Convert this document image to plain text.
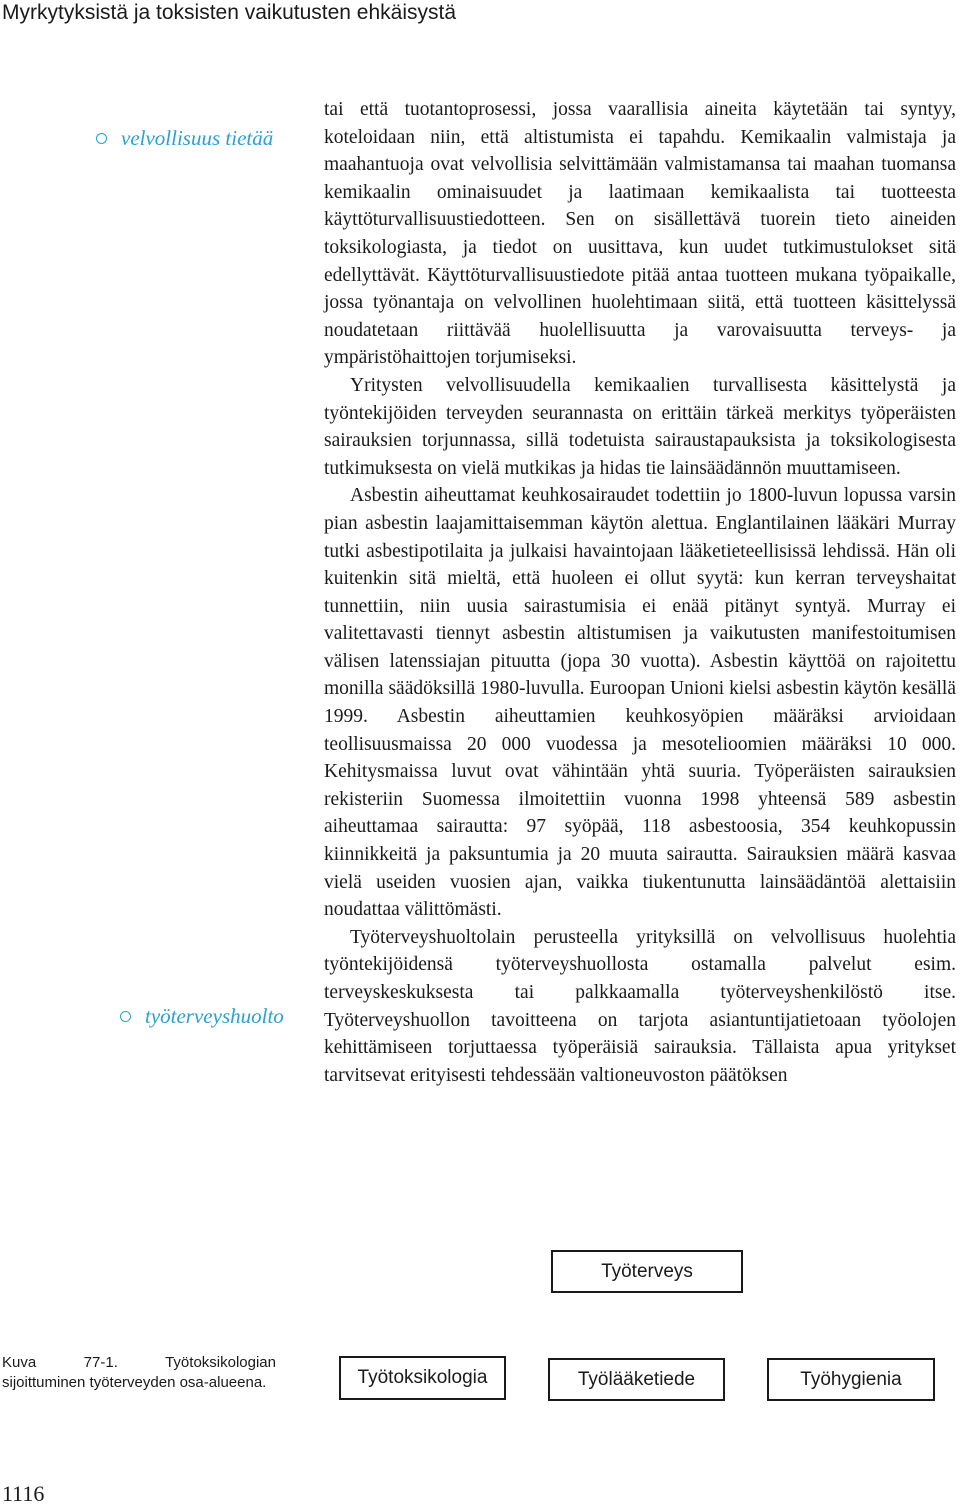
Myrkytyksistä ja toksisten vaikutusten ehkäisystä
velvollisuus tietää
työterveyshuolto

tai että tuotantoprosessi, jossa vaarallisia aineita käytetään tai syntyy, koteloidaan niin, että altistumista ei tapahdu. Kemikaalin valmistaja ja maahantuoja ovat velvollisia selvittämään valmistamansa tai maahan tuomansa kemikaalin ominaisuudet ja laatimaan kemikaalista tai tuotteesta käyttöturvallisuustiedotteen. Sen on sisällettävä tuorein tieto aineiden toksikologiasta, ja tiedot on uusittava, kun uudet tutkimustulokset sitä edellyttävät. Käyttöturvallisuustiedote pitää antaa tuotteen mukana työpaikalle, jossa työnantaja on velvollinen huolehtimaan siitä, että tuotteen käsittelyssä noudatetaan riittävää huolellisuutta ja varovaisuutta terveys- ja ympäristöhaittojen torjumiseksi.

Yritysten velvollisuudella kemikaalien turvallisesta käsittelystä ja työntekijöiden terveyden seurannasta on erittäin tärkeä merkitys työperäisten sairauksien torjunnassa, sillä todetuista sairaustapauksista ja toksikologisesta tutkimuksesta on vielä mutkikas ja hidas tie lainsäädännön muuttamiseen.

Asbestin aiheuttamat keuhkosairaudet todettiin jo 1800-luvun lopussa varsin pian asbestin laajamittaisemman käytön alettua. Englantilainen lääkäri Murray tutki asbestipotilaita ja julkaisi havaintojaan lääketieteellisissä lehdissä. Hän oli kuitenkin sitä mieltä, että huoleen ei ollut syytä: kun kerran terveyshaitat tunnettiin, niin uusia sairastumisia ei enää pitänyt syntyä. Murray ei valitettavasti tiennyt asbestin altistumisen ja vaikutusten manifestoitumisen välisen latenssiajan pituutta (jopa 30 vuotta). Asbestin käyttöä on rajoitettu monilla säädöksillä 1980-luvulla. Euroopan Unioni kielsi asbestin käytön kesällä 1999. Asbestin aiheuttamien keuhkosyöpien määräksi arvioidaan teollisuusmaissa 20 000 vuodessa ja mesotelioomien määräksi 10 000. Kehitysmaissa luvut ovat vähintään yhtä suuria. Työperäisten sairauksien rekisteriin Suomessa ilmoitettiin vuonna 1998 yhteensä 589 asbestin aiheuttamaa sairautta: 97 syöpää, 118 asbestoosia, 354 keuhkopussin kiinnikkeitä ja paksuntumia ja 20 muuta sairautta. Sairauksien määrä kasvaa vielä useiden vuosien ajan, vaikka tiukentunutta lainsäädäntöä alettaisiin noudattaa välittömästi.

Työterveyshuoltolain perusteella yrityksillä on velvollisuus huolehtia työntekijöidensä työterveyshuollosta ostamalla palvelut esim. terveyskeskuksesta tai palkkaamalla työterveyshenkilöstö itse. Työterveyshuollon tavoitteena on tarjota asiantuntijatietoaan työolojen kehittämiseen torjuttaessa työperäisiä sairauksia. Tällaista apua yritykset tarvitsevat erityisesti tehdessään valtioneuvoston päätöksen

Työterveys
Työtoksikologia	Työlääketiede	Työhygienia
Kuva 77-1. Työtoksikologian sijoittuminen työterveyden osa-alueena.
1116
